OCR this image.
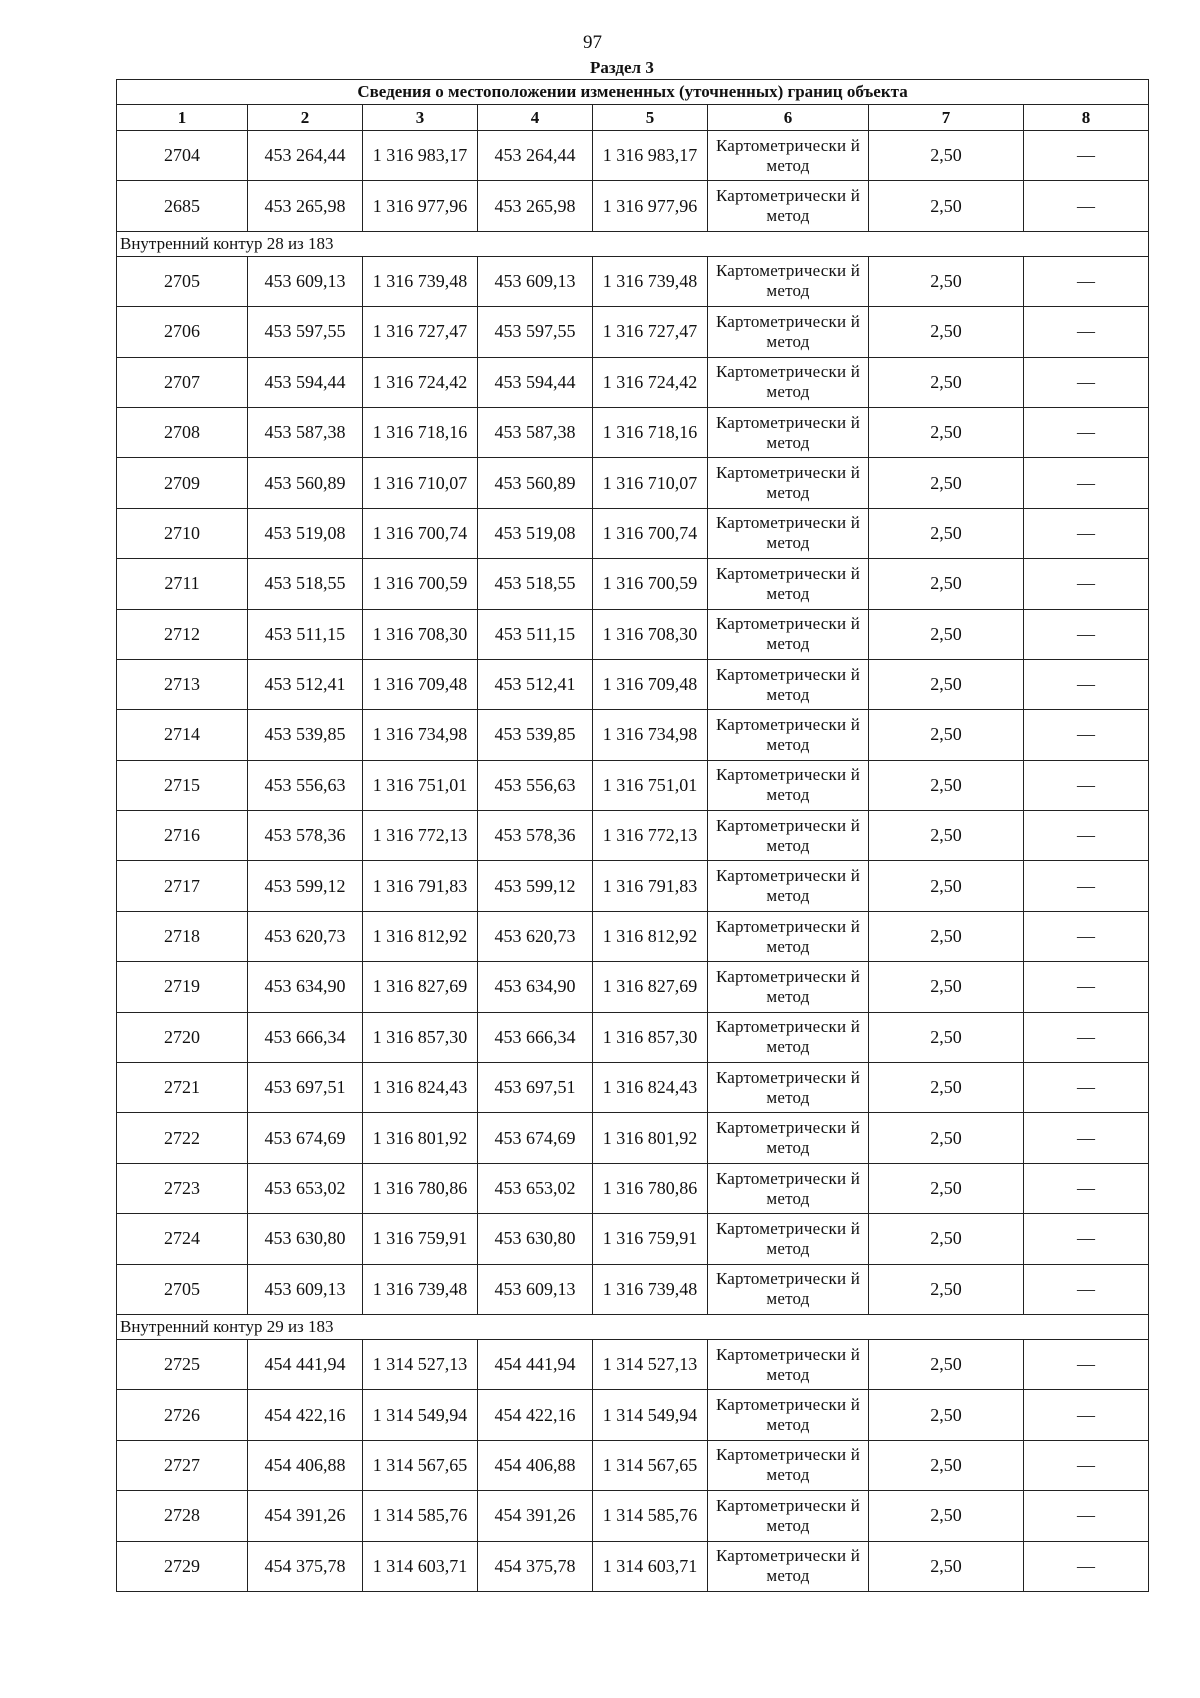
97
Раздел 3
Сведения о местоположении измененных (уточненных) границ объекта							
1	2	3	4	5	6	7	8
2704	453 264,44	1 316 983,17	453 264,44	1 316 983,17	Картометрически й метод	2,50	—
2685	453 265,98	1 316 977,96	453 265,98	1 316 977,96	Картометрически й метод	2,50	—
Внутренний контур 28 из 183							
2705	453 609,13	1 316 739,48	453 609,13	1 316 739,48	Картометрически й метод	2,50	—
2706	453 597,55	1 316 727,47	453 597,55	1 316 727,47	Картометрически й метод	2,50	—
2707	453 594,44	1 316 724,42	453 594,44	1 316 724,42	Картометрически й метод	2,50	—
2708	453 587,38	1 316 718,16	453 587,38	1 316 718,16	Картометрически й метод	2,50	—
2709	453 560,89	1 316 710,07	453 560,89	1 316 710,07	Картометрически й метод	2,50	—
2710	453 519,08	1 316 700,74	453 519,08	1 316 700,74	Картометрически й метод	2,50	—
2711	453 518,55	1 316 700,59	453 518,55	1 316 700,59	Картометрически й метод	2,50	—
2712	453 511,15	1 316 708,30	453 511,15	1 316 708,30	Картометрически й метод	2,50	—
2713	453 512,41	1 316 709,48	453 512,41	1 316 709,48	Картометрически й метод	2,50	—
2714	453 539,85	1 316 734,98	453 539,85	1 316 734,98	Картометрически й метод	2,50	—
2715	453 556,63	1 316 751,01	453 556,63	1 316 751,01	Картометрически й метод	2,50	—
2716	453 578,36	1 316 772,13	453 578,36	1 316 772,13	Картометрически й метод	2,50	—
2717	453 599,12	1 316 791,83	453 599,12	1 316 791,83	Картометрически й метод	2,50	—
2718	453 620,73	1 316 812,92	453 620,73	1 316 812,92	Картометрически й метод	2,50	—
2719	453 634,90	1 316 827,69	453 634,90	1 316 827,69	Картометрически й метод	2,50	—
2720	453 666,34	1 316 857,30	453 666,34	1 316 857,30	Картометрически й метод	2,50	—
2721	453 697,51	1 316 824,43	453 697,51	1 316 824,43	Картометрически й метод	2,50	—
2722	453 674,69	1 316 801,92	453 674,69	1 316 801,92	Картометрически й метод	2,50	—
2723	453 653,02	1 316 780,86	453 653,02	1 316 780,86	Картометрически й метод	2,50	—
2724	453 630,80	1 316 759,91	453 630,80	1 316 759,91	Картометрически й метод	2,50	—
2705	453 609,13	1 316 739,48	453 609,13	1 316 739,48	Картометрически й метод	2,50	—
Внутренний контур 29 из 183							
2725	454 441,94	1 314 527,13	454 441,94	1 314 527,13	Картометрически й метод	2,50	—
2726	454 422,16	1 314 549,94	454 422,16	1 314 549,94	Картометрически й метод	2,50	—
2727	454 406,88	1 314 567,65	454 406,88	1 314 567,65	Картометрически й метод	2,50	—
2728	454 391,26	1 314 585,76	454 391,26	1 314 585,76	Картометрически й метод	2,50	—
2729	454 375,78	1 314 603,71	454 375,78	1 314 603,71	Картометрически й метод	2,50	—
